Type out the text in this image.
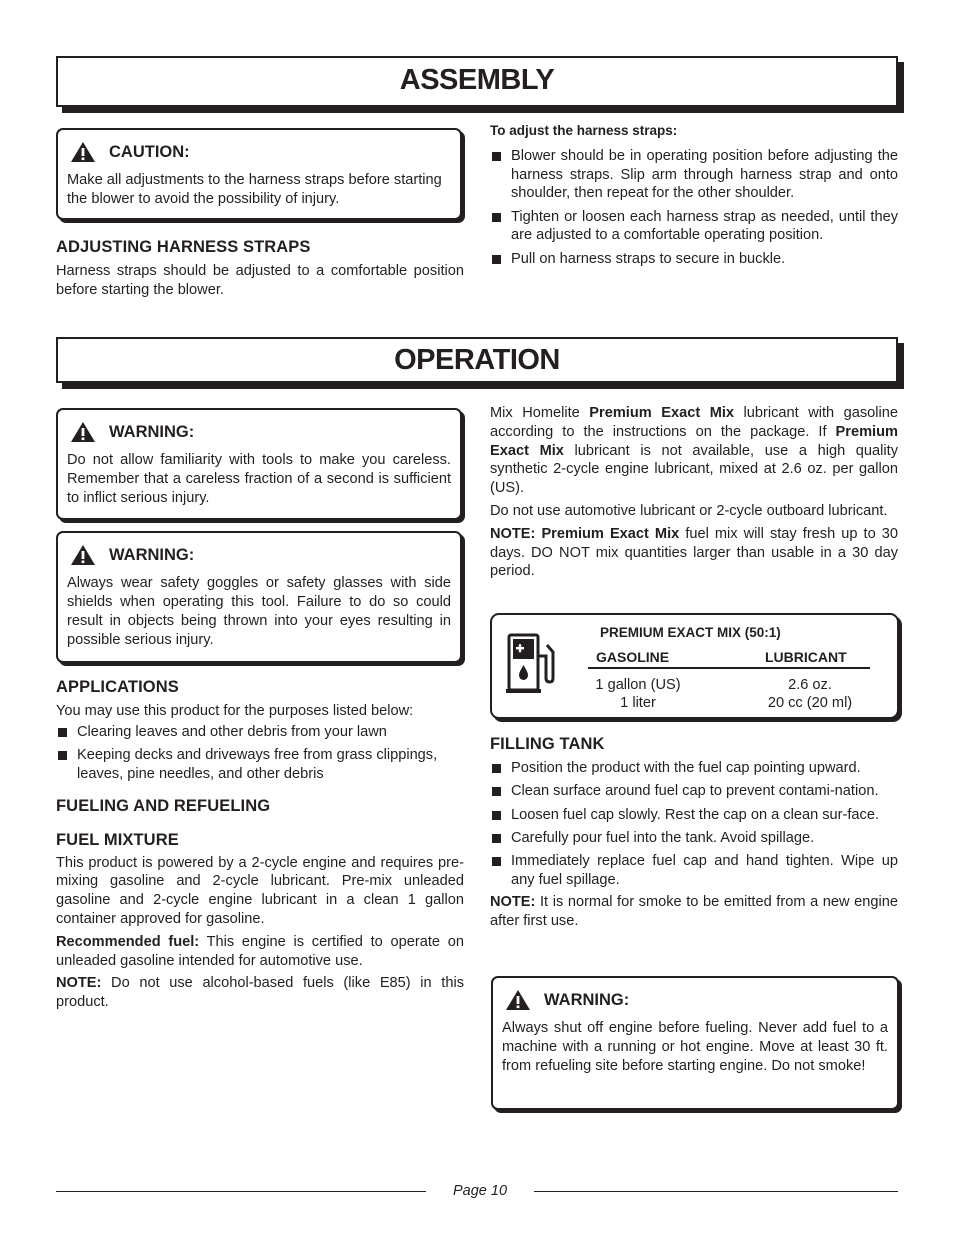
ASSEMBLY
CAUTION:

Make all adjustments to the harness straps before starting the blower to avoid the possibility of injury.

ADJUSTING HARNESS STRAPS

Harness straps should be adjusted to a comfortable position before starting the blower.

To adjust the harness straps:

Blower should be in operating position before adjusting the harness straps. Slip arm through harness strap and onto shoulder, then repeat for the other shoulder.
Tighten or loosen each harness strap as needed, until they are adjusted to a comfortable operating position.
Pull on harness straps to secure in buckle.
OPERATION
WARNING:

Do not allow familiarity with tools to make you careless. Remember that a careless fraction of a second is sufficient to inflict serious injury.

WARNING:

Always wear safety goggles or safety glasses with side shields when operating this tool. Failure to do so could result in objects being thrown into your eyes resulting in possible serious injury.

APPLICATIONS

You may use this product for the purposes listed below:

Clearing leaves and other debris from your lawn
Keeping decks and driveways free from grass clippings, leaves, pine needles, and other debris
FUELING AND REFUELING
FUEL MIXTURE

This product is powered by a 2-cycle engine and requires pre-mixing gasoline and 2-cycle lubricant. Pre-mix unleaded gasoline and 2-cycle engine lubricant in a clean 1 gallon container approved for gasoline.

Recommended fuel: This engine is certified to operate on unleaded gasoline intended for automotive use.

NOTE: Do not use alcohol-based fuels (like E85) in this product.

Mix Homelite Premium Exact Mix lubricant with gasoline according to the instructions on the package. If Premium Exact Mix lubricant is not available, use a high quality synthetic 2-cycle engine lubricant, mixed at 2.6 oz. per gallon (US).

Do not use automotive lubricant or 2-cycle outboard lubricant.

NOTE: Premium Exact Mix fuel mix will stay fresh up to 30 days. DO NOT mix quantities larger than usable in a 30 day period.

PREMIUM EXACT MIX (50:1)
GASOLINE	LUBRICANT
1 gallon (US)	2.6 oz.
1 liter	20 cc (20 ml)
FILLING TANK
Position the product with the fuel cap pointing upward.
Clean surface around fuel cap to prevent contami-nation.
Loosen fuel cap slowly. Rest the cap on a clean sur-face.
Carefully pour fuel into the tank. Avoid spillage.
Immediately replace fuel cap and hand tighten. Wipe up any fuel spillage.

NOTE: It is normal for smoke to be emitted from a new engine after first use.

WARNING:

Always shut off engine before fueling. Never add fuel to a machine with a running or hot engine. Move at least 30 ft. from refueling site before starting engine. Do not smoke!

Page 10
